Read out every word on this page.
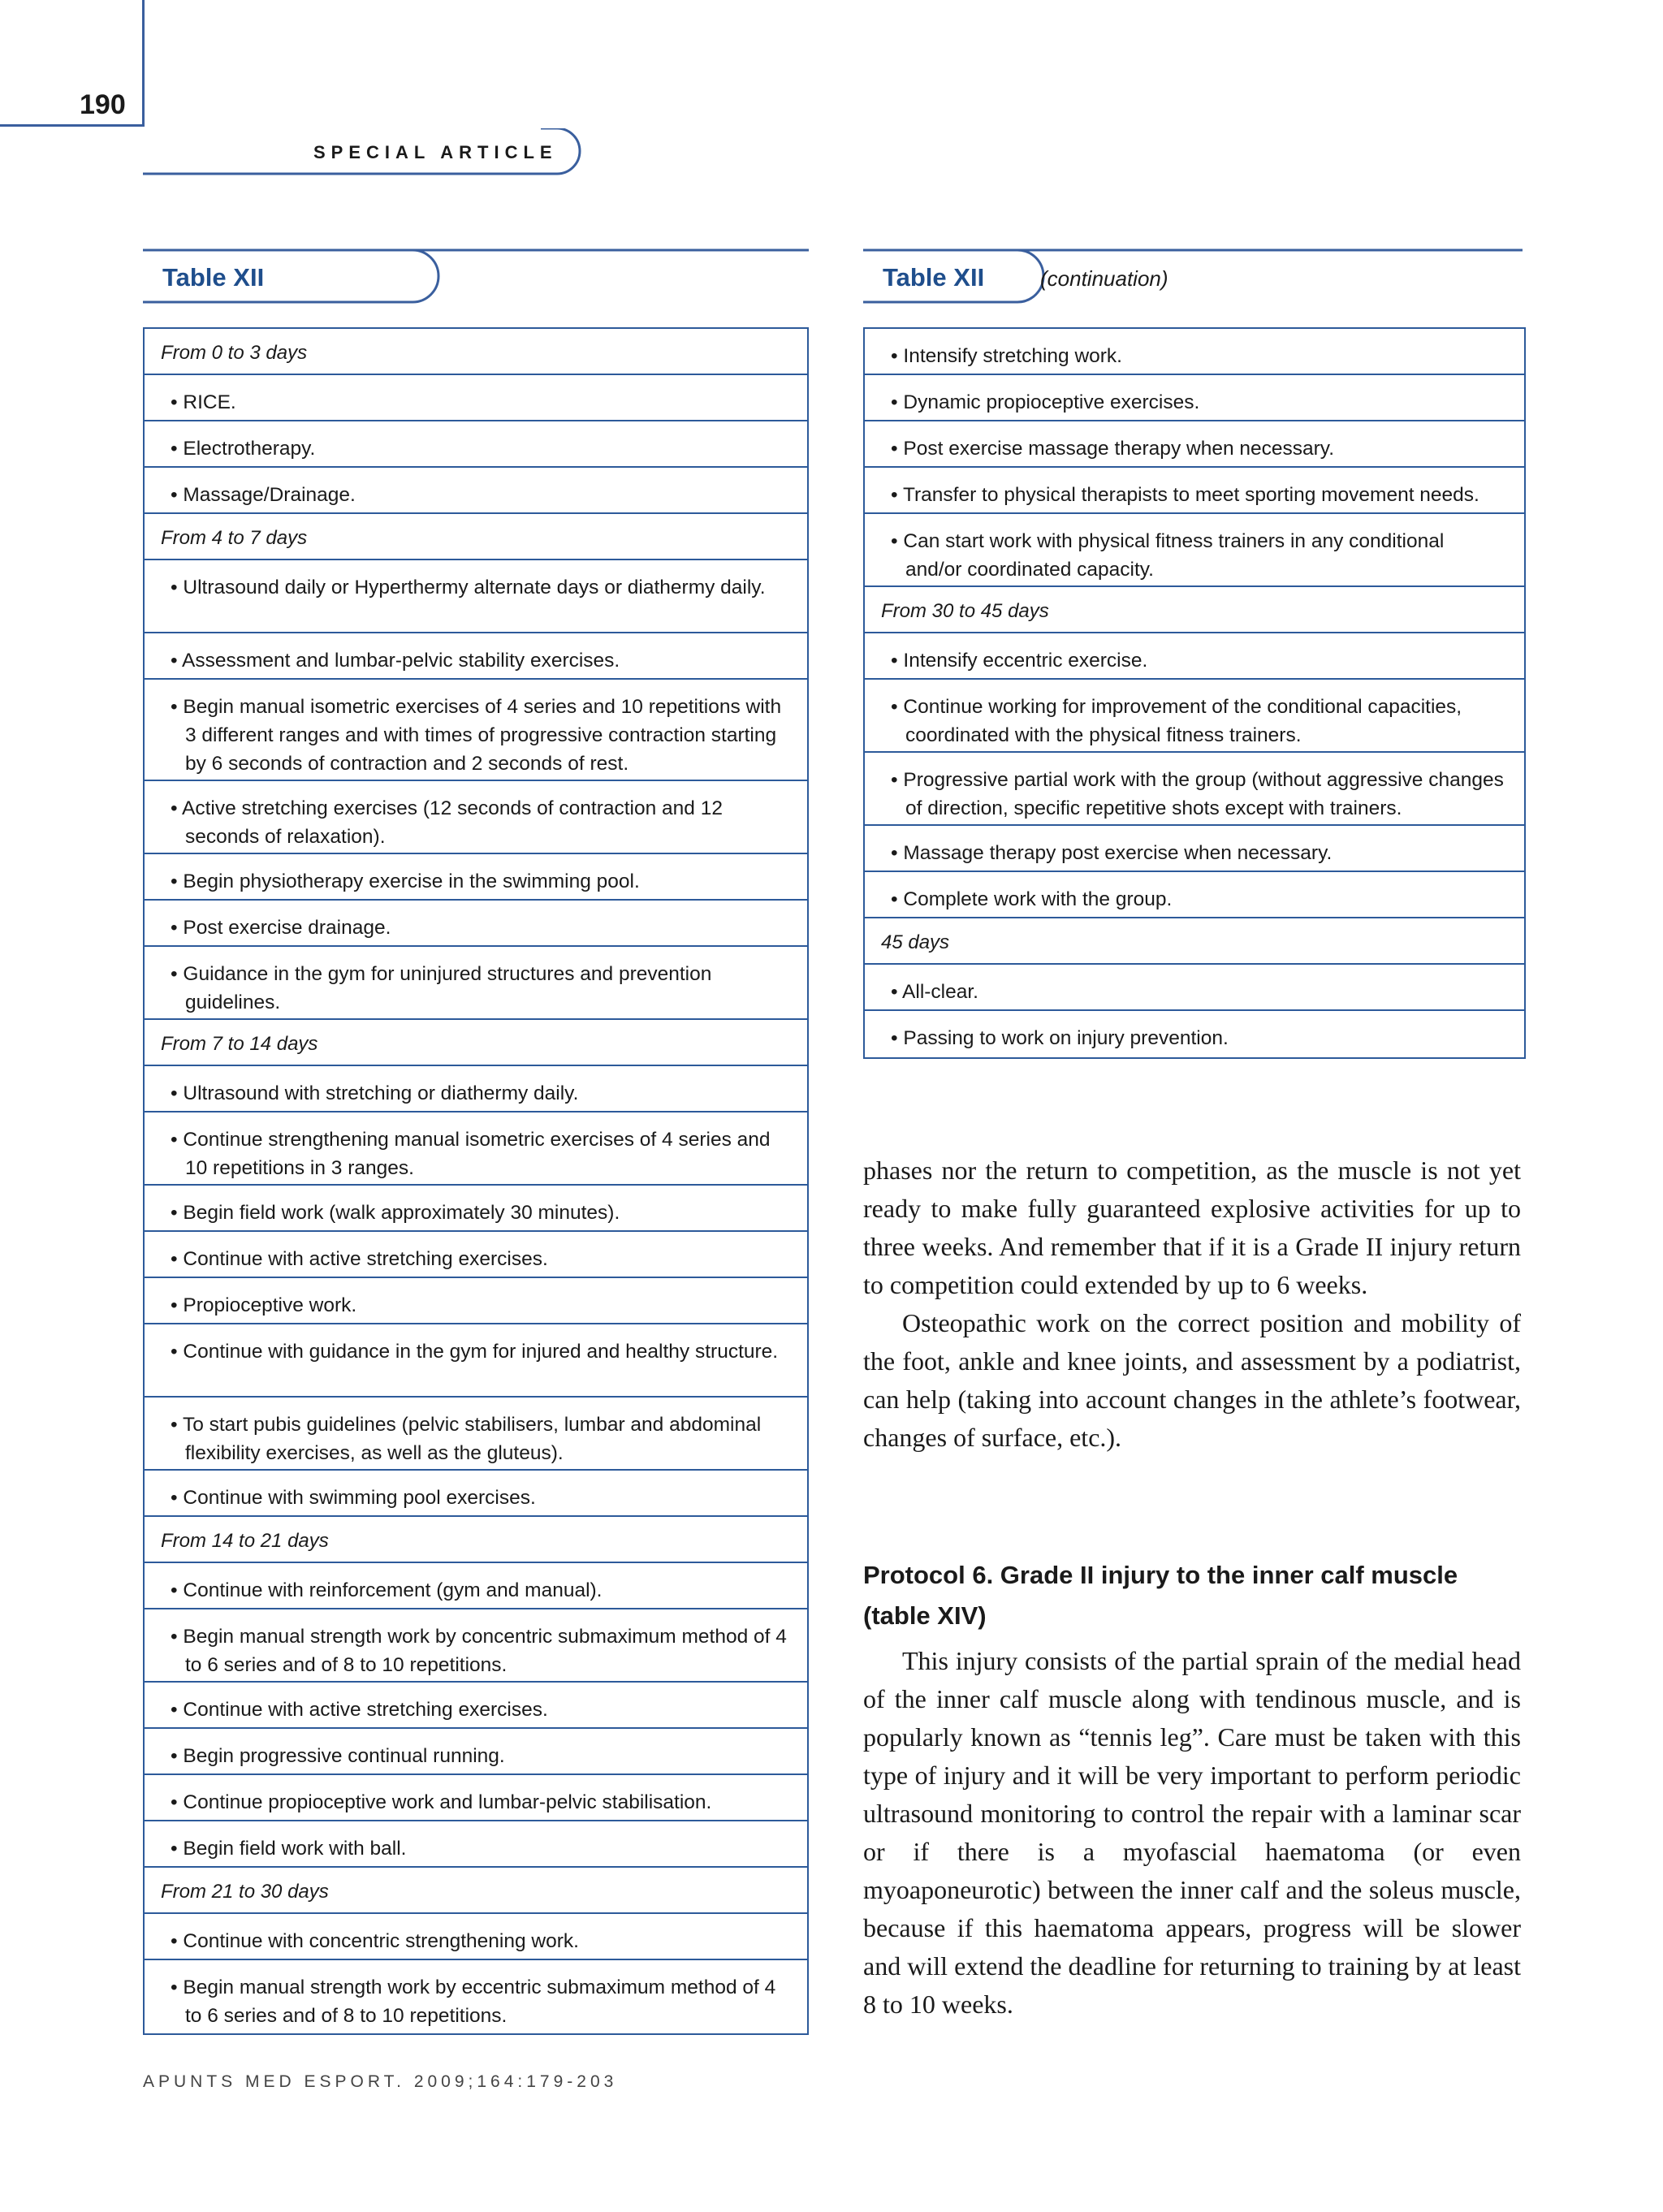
190
SPECIAL ARTICLE
Table XII
From 0 to 3 days
• RICE.
• Electrotherapy.
• Massage/Drainage.
From 4 to 7 days
• Ultrasound daily or Hyperthermy alternate days or diathermy daily.
• Assessment and lumbar-pelvic stability exercises.
• Begin manual isometric exercises of 4 series and 10 repetitions with 3 different ranges and with times of progressive contraction starting by 6 seconds of contraction and 2 seconds of rest.
• Active stretching exercises (12 seconds of contraction and 12 seconds of relaxation).
• Begin physiotherapy exercise in the swimming pool.
• Post exercise drainage.
• Guidance in the gym for uninjured structures and prevention guidelines.
From 7 to 14 days
• Ultrasound with stretching or diathermy daily.
• Continue strengthening manual isometric exercises of 4 series and 10 repetitions in 3 ranges.
• Begin field work (walk approximately 30 minutes).
• Continue with active stretching exercises.
• Propioceptive work.
• Continue with guidance in the gym for injured and healthy structure.
• To start pubis guidelines (pelvic stabilisers, lumbar and abdominal flexibility exercises, as well as the gluteus).
• Continue with swimming pool exercises.
From 14 to 21 days
• Continue with reinforcement (gym and manual).
• Begin manual strength work by concentric submaximum method of 4 to 6 series and of 8 to 10 repetitions.
• Continue with active stretching exercises.
• Begin progressive continual running.
• Continue propioceptive work and lumbar-pelvic stabilisation.
• Begin field work with ball.
From 21 to 30 days
• Continue with concentric strengthening work.
• Begin manual strength work by eccentric submaximum method of 4 to 6 series and of 8 to 10 repetitions.
Table XII	(continuation)
• Intensify stretching work.
• Dynamic propioceptive exercises.
• Post exercise massage therapy when necessary.
• Transfer to physical therapists to meet sporting movement needs.
• Can start work with physical fitness trainers in any conditional and/or coordinated capacity.
From 30 to 45 days
• Intensify eccentric exercise.
• Continue working for improvement of the conditional capacities, coordinated with the physical fitness trainers.
• Progressive partial work with the group (without aggressive changes of direction, specific repetitive shots except with trainers.
• Massage therapy post exercise when necessary.
• Complete work with the group.
45 days
• All-clear.
• Passing to work on injury prevention.

phases nor the return to competition, as the muscle is not yet ready to make fully guaranteed explosive activities for up to three weeks. And remember that if it is a Grade II injury return to competition could extended by up to 6 weeks.

Osteopathic work on the correct position and mobility of the foot, ankle and knee joints, and assessment by a podiatrist, can help (taking into account changes in the athlete’s footwear, changes of surface, etc.).

Protocol 6. Grade II injury to the inner calf muscle (table XIV)

This injury consists of the partial sprain of the medial head of the inner calf muscle along with tendinous muscle, and is popularly known as “tennis leg”. Care must be taken with this type of injury and it will be very important to perform periodic ultrasound monitoring to control the repair with a laminar scar or if there is a myofascial haematoma (or even myoaponeurotic) between the inner calf and the soleus muscle, because if this haematoma appears, progress will be slower and will extend the deadline for returning to training by at least 8 to 10 weeks.

APUNTS MED ESPORT. 2009;164:179-203
